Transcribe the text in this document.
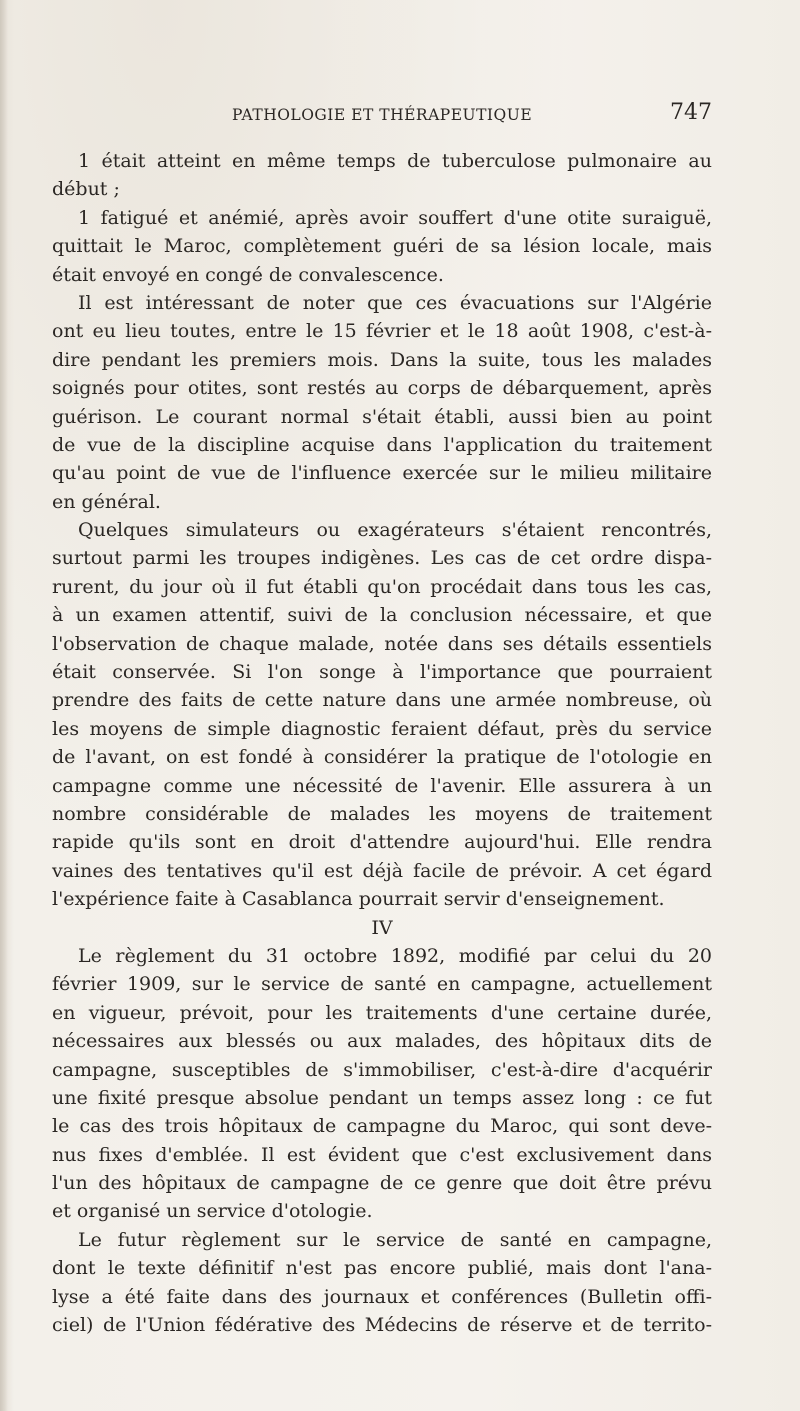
PATHOLOGIE ET THÉRAPEUTIQUE	747
1 était atteint en même temps de tuberculose pulmonaire au
début ;
1 fatigué et anémié, après avoir souffert d'une otite suraiguë,
quittait le Maroc, complètement guéri de sa lésion locale, mais
était envoyé en congé de convalescence.
Il est intéressant de noter que ces évacuations sur l'Algérie
ont eu lieu toutes, entre le 15 février et le 18 août 1908, c'est-à-
dire pendant les premiers mois. Dans la suite, tous les malades
soignés pour otites, sont restés au corps de débarquement, après
guérison. Le courant normal s'était établi, aussi bien au point
de vue de la discipline acquise dans l'application du traitement
qu'au point de vue de l'influence exercée sur le milieu militaire
en général.
Quelques simulateurs ou exagérateurs s'étaient rencontrés,
surtout parmi les troupes indigènes. Les cas de cet ordre dispa-
rurent, du jour où il fut établi qu'on procédait dans tous les cas,
à un examen attentif, suivi de la conclusion nécessaire, et que
l'observation de chaque malade, notée dans ses détails essentiels
était conservée. Si l'on songe à l'importance que pourraient
prendre des faits de cette nature dans une armée nombreuse, où
les moyens de simple diagnostic feraient défaut, près du service
de l'avant, on est fondé à considérer la pratique de l'otologie en
campagne comme une nécessité de l'avenir. Elle assurera à un
nombre considérable de malades les moyens de traitement
rapide qu'ils sont en droit d'attendre aujourd'hui. Elle rendra
vaines des tentatives qu'il est déjà facile de prévoir. A cet égard
l'expérience faite à Casablanca pourrait servir d'enseignement.
IV
Le règlement du 31 octobre 1892, modifié par celui du 20
février 1909, sur le service de santé en campagne, actuellement
en vigueur, prévoit, pour les traitements d'une certaine durée,
nécessaires aux blessés ou aux malades, des hôpitaux dits de
campagne, susceptibles de s'immobiliser, c'est-à-dire d'acquérir
une fixité presque absolue pendant un temps assez long : ce fut
le cas des trois hôpitaux de campagne du Maroc, qui sont deve-
nus fixes d'emblée. Il est évident que c'est exclusivement dans
l'un des hôpitaux de campagne de ce genre que doit être prévu
et organisé un service d'otologie.
Le futur règlement sur le service de santé en campagne,
dont le texte définitif n'est pas encore publié, mais dont l'ana-
lyse a été faite dans des journaux et conférences (Bulletin offi-
ciel) de l'Union fédérative des Médecins de réserve et de territo-
